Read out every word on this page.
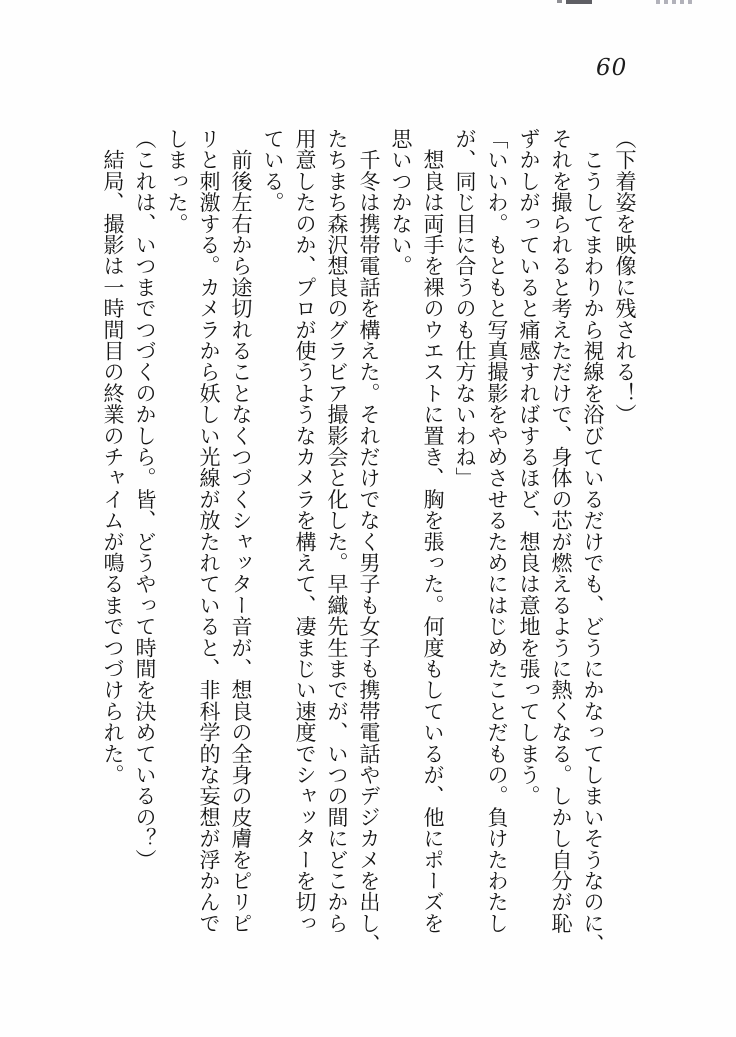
60
（下着姿を映像に残される！）
　こうしてまわりから視線を浴びているだけでも、どうにかなってしまいそうなのに、
それを撮られると考えただけで、身体の芯が燃えるように熱くなる。しかし自分が恥
ずかしがっていると痛感すればするほど、想良は意地を張ってしまう。
「いいわ。もともと写真撮影をやめさせるためにはじめたことだもの。負けたわたし
が、同じ目に合うのも仕方ないわね」
　想良は両手を裸のウエストに置き、胸を張った。何度もしているが、他にポーズを
思いつかない。
　千冬は携帯電話を構えた。それだけでなく男子も女子も携帯電話やデジカメを出し、
たちまち森沢想良のグラビア撮影会と化した。早織先生までが、いつの間にどこから
用意したのか、プロが使うようなカメラを構えて、凄まじい速度でシャッターを切っ
ている。
　前後左右から途切れることなくつづくシャッター音が、想良の全身の皮膚をピリピ
リと刺激する。カメラから妖しい光線が放たれていると、非科学的な妄想が浮かんで
しまった。
（これは、いつまでつづくのかしら。皆、どうやって時間を決めているの？）
　結局、撮影は一時間目の終業のチャイムが鳴るまでつづけられた。
